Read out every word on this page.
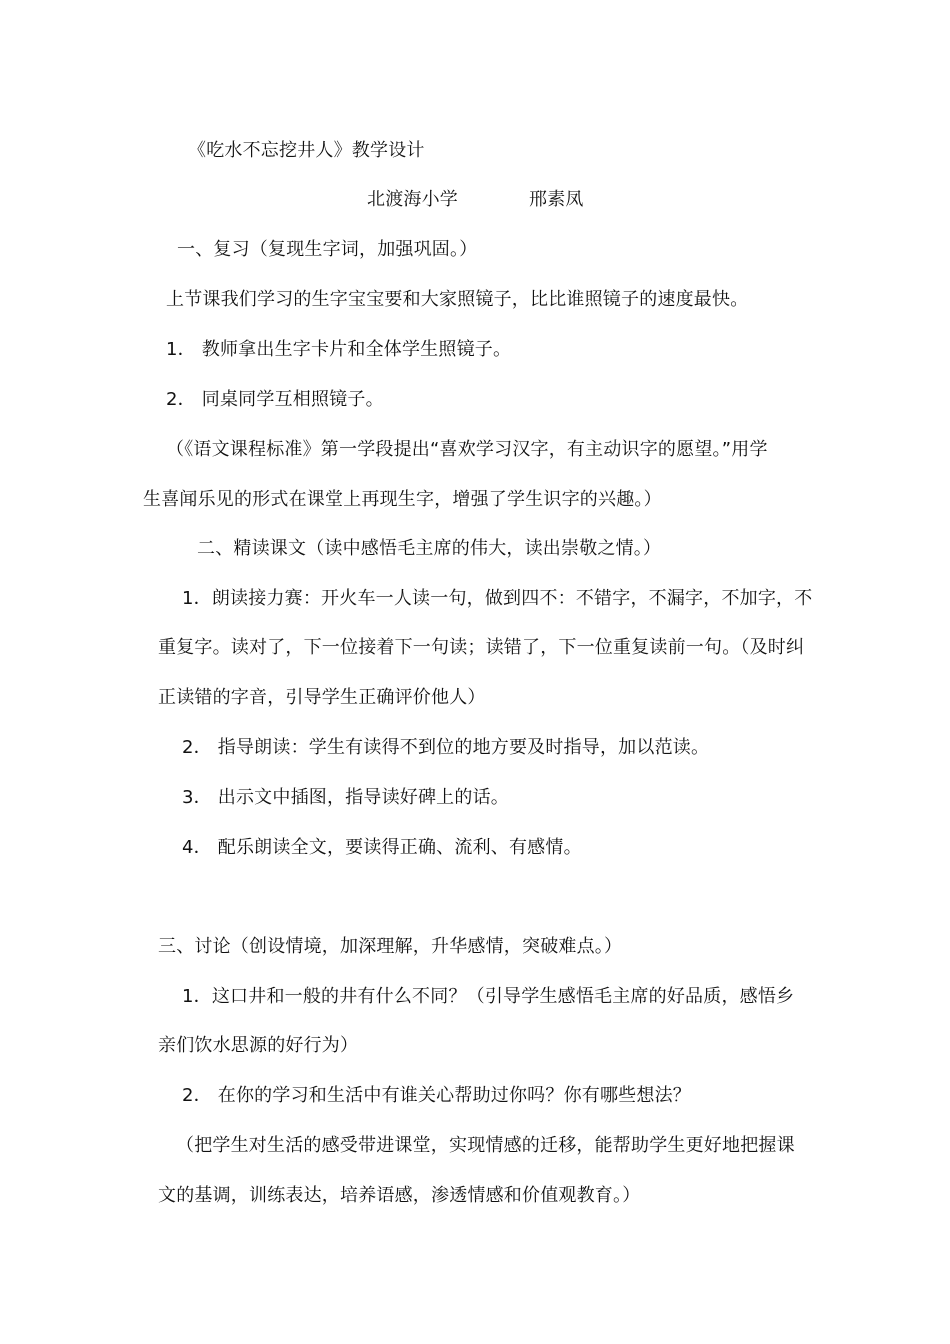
《吃水不忘挖井人》教学设计
北渡海小学	邢素凤
一、复习（复现生字词，加强巩固。）
上节课我们学习的生字宝宝要和大家照镜子，比比谁照镜子的速度最快。
1． 教师拿出生字卡片和全体学生照镜子。
2． 同桌同学互相照镜子。
（《语文课程标准》第一学段提出“喜欢学习汉字，有主动识字的愿望。”用学
生喜闻乐见的形式在课堂上再现生字，增强了学生识字的兴趣。）
二、精读课文（读中感悟毛主席的伟大，读出崇敬之情。）
1．朗读接力赛：开火车一人读一句，做到四不：不错字，不漏字，不加字，不
重复字。读对了，下一位接着下一句读；读错了，下一位重复读前一句。（及时纠
正读错的字音，引导学生正确评价他人）
2． 指导朗读：学生有读得不到位的地方要及时指导，加以范读。
3． 出示文中插图，指导读好碑上的话。
4． 配乐朗读全文，要读得正确、流利、有感情。
三、讨论（创设情境，加深理解，升华感情，突破难点。）
1．这口井和一般的井有什么不同？（引导学生感悟毛主席的好品质，感悟乡
亲们饮水思源的好行为）
2． 在你的学习和生活中有谁关心帮助过你吗？你有哪些想法？
（把学生对生活的感受带进课堂，实现情感的迁移，能帮助学生更好地把握课
文的基调，训练表达，培养语感，渗透情感和价值观教育。）
